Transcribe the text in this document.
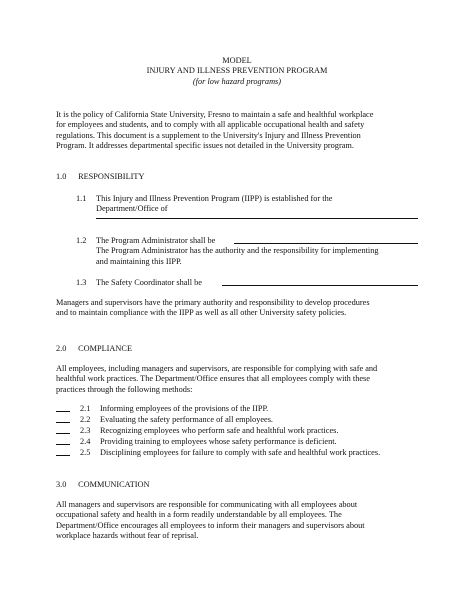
MODEL
INJURY AND ILLNESS PREVENTION PROGRAM
(for low hazard programs)
It is the policy of California State University, Fresno to maintain a safe and healthful workplace
for employees and students, and to comply with all applicable occupational health and safety
regulations. This document is a supplement to the University's Injury and Illness Prevention
Program. It addresses departmental specific issues not detailed in the University program.
1.0 RESPONSIBILITY
1.1 This Injury and Illness Prevention Program (IIPP) is established for the
Department/Office of
1.2 The Program Administrator shall be
The Program Administrator has the authority and the responsibility for implementing
and maintaining this IIPP.
1.3 The Safety Coordinator shall be
Managers and supervisors have the primary authority and responsibility to develop procedures
and to maintain compliance with the IIPP as well as all other University safety policies.
2.0 COMPLIANCE
All employees, including managers and supervisors, are responsible for complying with safe and
healthful work practices. The Department/Office ensures that all employees comply with these
practices through the following methods:
2.1 Informing employees of the provisions of the IIPP.
2.2 Evaluating the safety performance of all employees.
2.3 Recognizing employees who perform safe and healthful work practices.
2.4 Providing training to employees whose safety performance is deficient.
2.5 Disciplining employees for failure to comply with safe and healthful work practices.
3.0 COMMUNICATION
All managers and supervisors are responsible for communicating with all employees about
occupational safety and health in a form readily understandable by all employees. The
Department/Office encourages all employees to inform their managers and supervisors about
workplace hazards without fear of reprisal.
